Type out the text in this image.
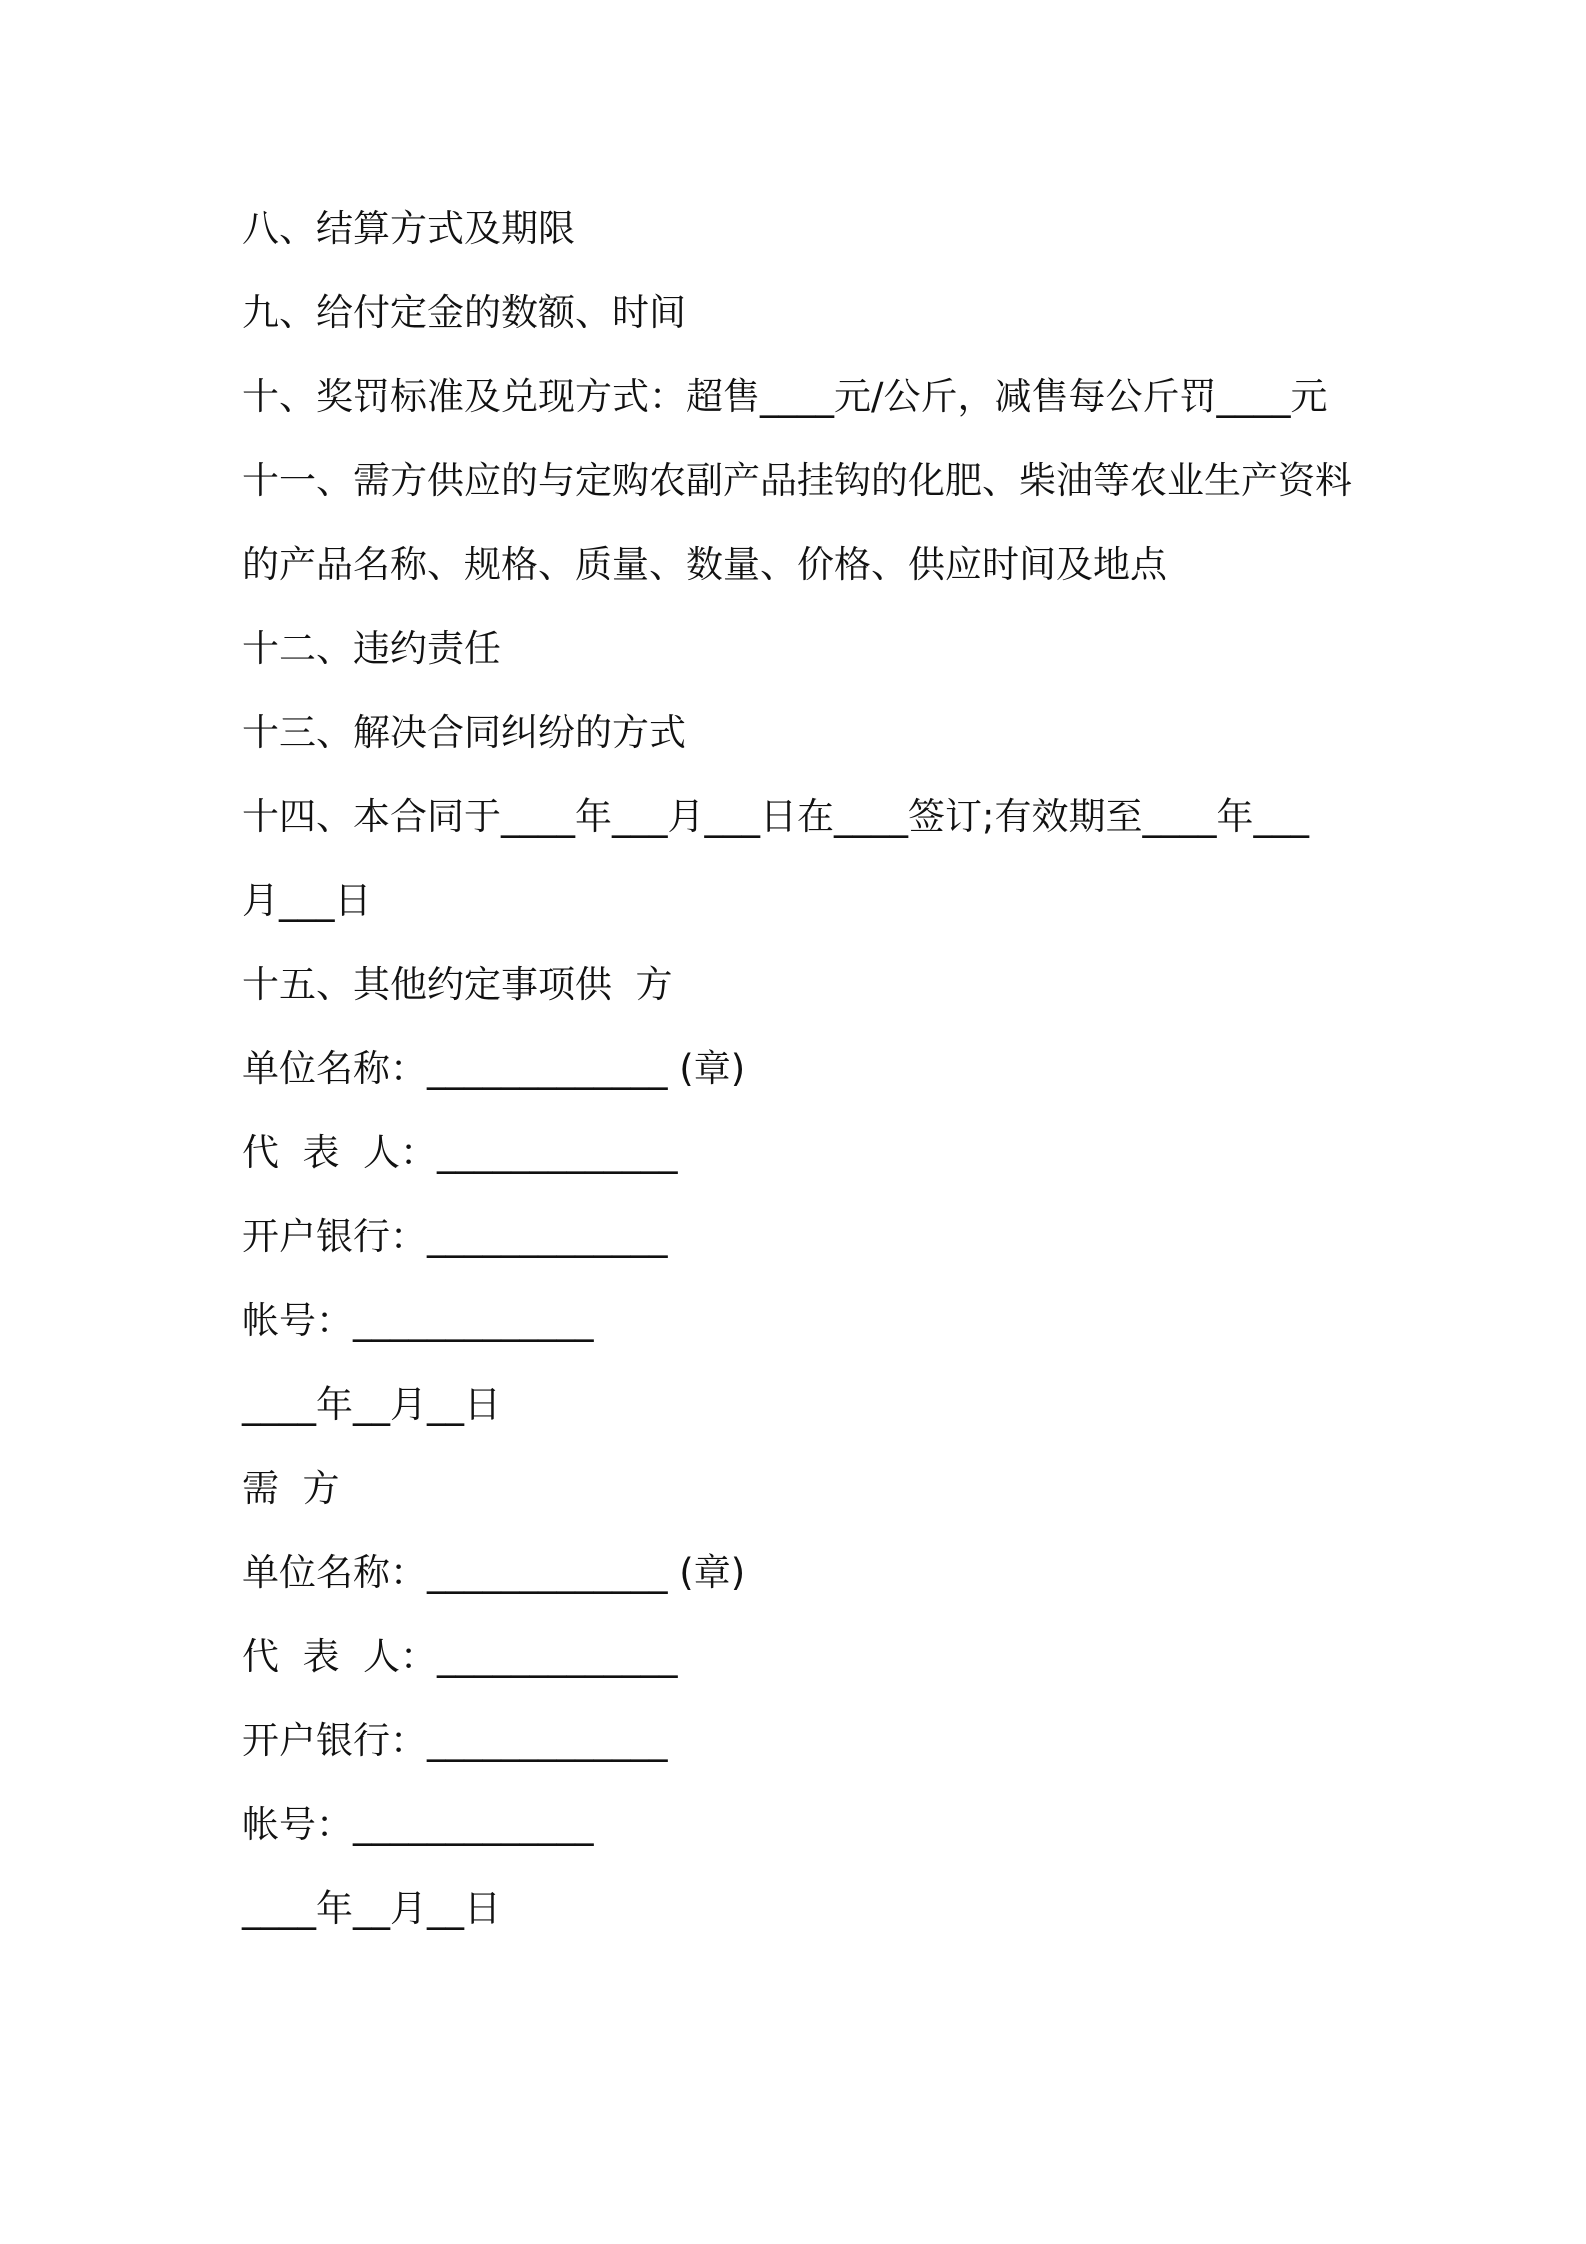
八、结算方式及期限
九、给付定金的数额、时间
十、奖罚标准及兑现方式：超售____元/公斤，减售每公斤罚____元
十一、需方供应的与定购农副产品挂钩的化肥、柴油等农业生产资料
的产品名称、规格、质量、数量、价格、供应时间及地点
十二、违约责任
十三、解决合同纠纷的方式
十四、本合同于____年___月___日在____签订;有效期至____年___
月___日
十五、其他约定事项供  方
单位名称：_____________ (章)
代  表  人：_____________
开户银行：_____________
帐号：_____________
____年__月__日
需  方
单位名称：_____________ (章)
代  表  人：_____________
开户银行：_____________
帐号：_____________
____年__月__日
